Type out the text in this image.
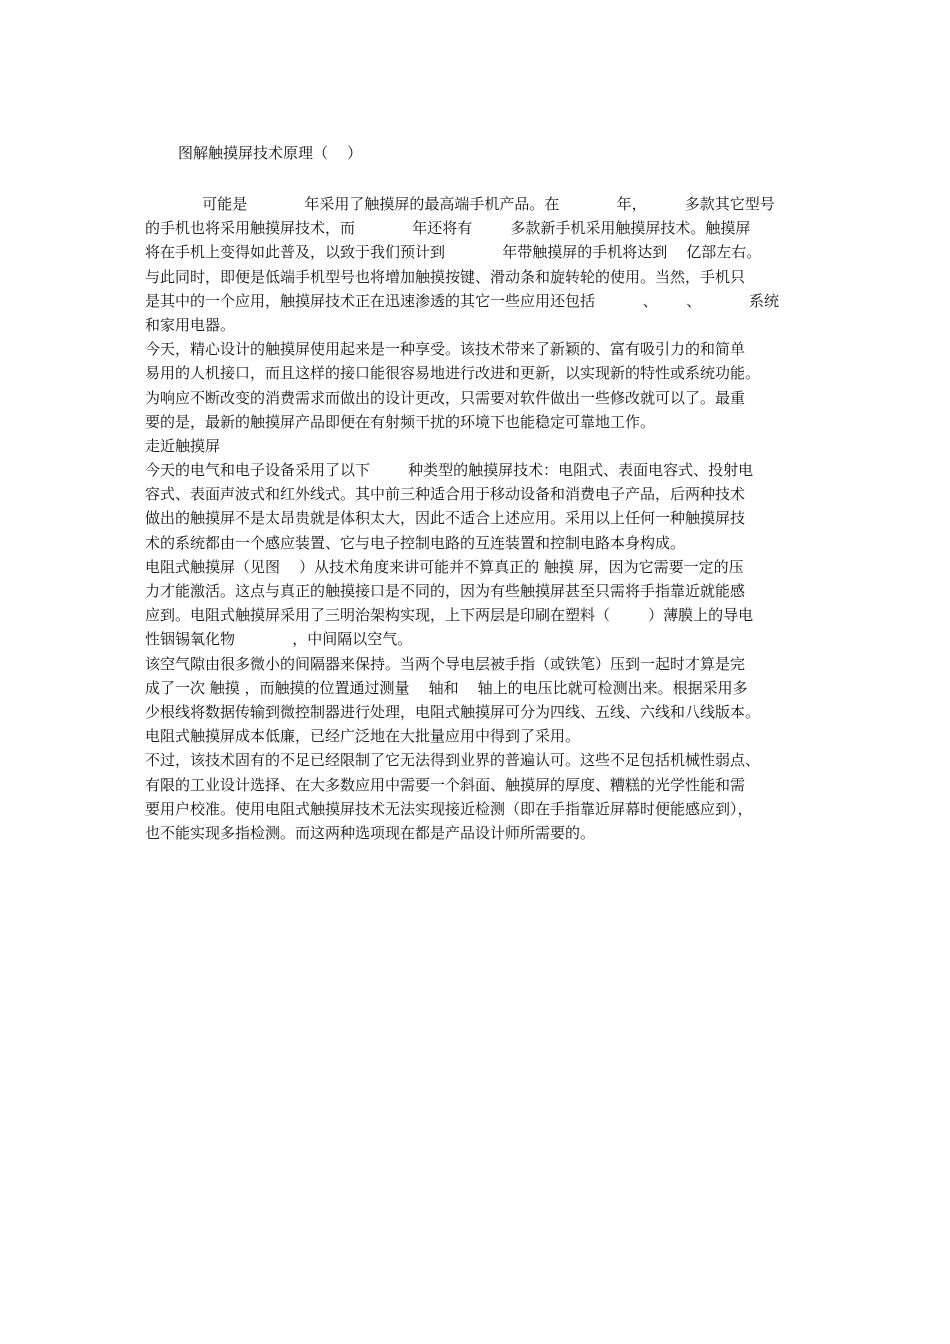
图解触摸屏技术原理（    ）
可能是            年采用了触摸屏的最高端手机产品。在            年，        多款其它型号
的手机也将采用触摸屏技术，而            年还将有        多款新手机采用触摸屏技术。触摸屏
将在手机上变得如此普及，以致于我们预计到            年带触摸屏的手机将达到    亿部左右。
与此同时，即便是低端手机型号也将增加触摸按键、滑动条和旋转轮的使用。当然，手机只
是其中的一个应用，触摸屏技术正在迅速渗透的其它一些应用还包括          、      、          系统
和家用电器。
今天，精心设计的触摸屏使用起来是一种享受。该技术带来了新颖的、富有吸引力的和简单
易用的人机接口，而且这样的接口能很容易地进行改进和更新，以实现新的特性或系统功能。
为响应不断改变的消费需求而做出的设计更改，只需要对软件做出一些修改就可以了。最重
要的是，最新的触摸屏产品即便在有射频干扰的环境下也能稳定可靠地工作。
走近触摸屏
今天的电气和电子设备采用了以下        种类型的触摸屏技术：电阻式、表面电容式、投射电
容式、表面声波式和红外线式。其中前三种适合用于移动设备和消费电子产品，后两种技术
做出的触摸屏不是太昂贵就是体积太大，因此不适合上述应用。采用以上任何一种触摸屏技
术的系统都由一个感应装置、它与电子控制电路的互连装置和控制电路本身构成。
电阻式触摸屏（见图    ）从技术角度来讲可能并不算真正的 触摸 屏，因为它需要一定的压
力才能激活。这点与真正的触摸接口是不同的，因为有些触摸屏甚至只需将手指靠近就能感
应到。电阻式触摸屏采用了三明治架构实现，上下两层是印刷在塑料（        ）薄膜上的导电
性铟锡氧化物            ，中间隔以空气。
该空气隙由很多微小的间隔器来保持。当两个导电层被手指（或铁笔）压到一起时才算是完
成了一次 触摸 ，而触摸的位置通过测量    轴和    轴上的电压比就可检测出来。根据采用多
少根线将数据传输到微控制器进行处理，电阻式触摸屏可分为四线、五线、六线和八线版本。
电阻式触摸屏成本低廉，已经广泛地在大批量应用中得到了采用。
不过，该技术固有的不足已经限制了它无法得到业界的普遍认可。这些不足包括机械性弱点、
有限的工业设计选择、在大多数应用中需要一个斜面、触摸屏的厚度、糟糕的光学性能和需
要用户校准。使用电阻式触摸屏技术无法实现接近检测（即在手指靠近屏幕时便能感应到），
也不能实现多指检测。而这两种选项现在都是产品设计师所需要的。
